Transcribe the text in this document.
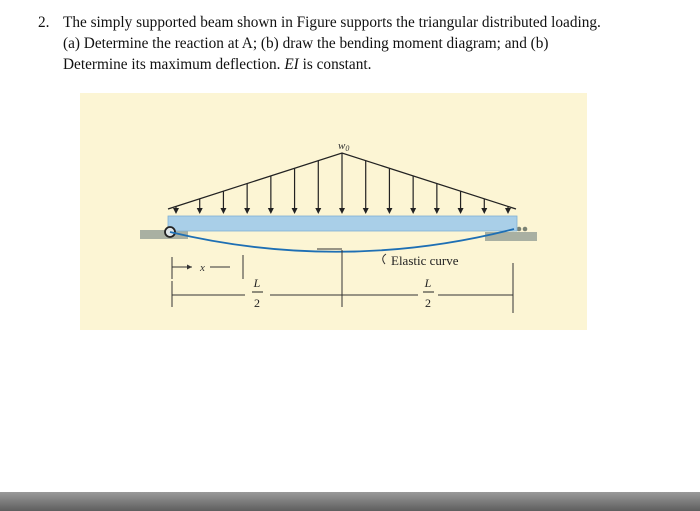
2. The simply supported beam shown in Figure supports the triangular distributed loading.
(a) Determine the reaction at A; (b) draw the bending moment diagram; and (b)
Determine its maximum deflection. EI is constant.
w0
Elastic curve
x
L
2
L
2
